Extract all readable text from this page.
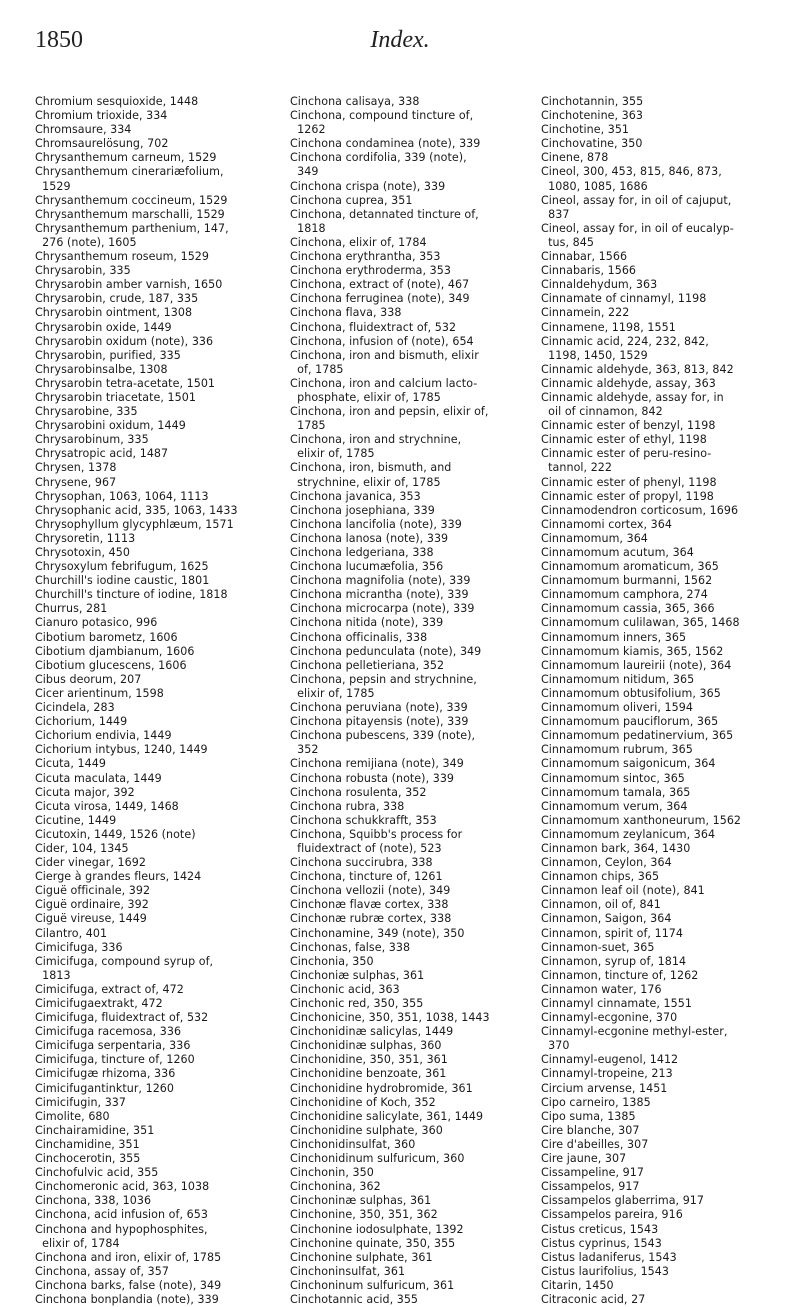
1850	Index.
Chromium sesquioxide, 1448
Chromium trioxide, 334
Chromsaure, 334
Chromsaurelösung, 702
Chrysanthemum carneum, 1529
Chrysanthemum cinerariæfolium,
1529
Chrysanthemum coccineum, 1529
Chrysanthemum marschalli, 1529
Chrysanthemum parthenium, 147,
276 (note), 1605
Chrysanthemum roseum, 1529
Chrysarobin, 335
Chrysarobin amber varnish, 1650
Chrysarobin, crude, 187, 335
Chrysarobin ointment, 1308
Chrysarobin oxide, 1449
Chrysarobin oxidum (note), 336
Chrysarobin, purified, 335
Chrysarobinsalbe, 1308
Chrysarobin tetra-acetate, 1501
Chrysarobin triacetate, 1501
Chrysarobine, 335
Chrysarobini oxidum, 1449
Chrysarobinum, 335
Chrysatropic acid, 1487
Chrysen, 1378
Chrysene, 967
Chrysophan, 1063, 1064, 1113
Chrysophanic acid, 335, 1063, 1433
Chrysophyllum glycyphlæum, 1571
Chrysoretin, 1113
Chrysotoxin, 450
Chrysoxylum febrifugum, 1625
Churchill's iodine caustic, 1801
Churchill's tincture of iodine, 1818
Churrus, 281
Cianuro potasico, 996
Cibotium barometz, 1606
Cibotium djambianum, 1606
Cibotium glucescens, 1606
Cibus deorum, 207
Cicer arientinum, 1598
Cicindela, 283
Cichorium, 1449
Cichorium endivia, 1449
Cichorium intybus, 1240, 1449
Cicuta, 1449
Cicuta maculata, 1449
Cicuta major, 392
Cicuta virosa, 1449, 1468
Cicutine, 1449
Cicutoxin, 1449, 1526 (note)
Cider, 104, 1345
Cider vinegar, 1692
Cierge à grandes fleurs, 1424
Ciguë officinale, 392
Ciguë ordinaire, 392
Ciguë vireuse, 1449
Cilantro, 401
Cimicifuga, 336
Cimicifuga, compound syrup of,
1813
Cimicifuga, extract of, 472
Cimicifugaextrakt, 472
Cimicifuga, fluidextract of, 532
Cimicifuga racemosa, 336
Cimicifuga serpentaria, 336
Cimicifuga, tincture of, 1260
Cimicifugæ rhizoma, 336
Cimicifugantinktur, 1260
Cimicifugin, 337
Cimolite, 680
Cinchairamidine, 351
Cinchamidine, 351
Cinchocerotin, 355
Cinchofulvic acid, 355
Cinchomeronic acid, 363, 1038
Cinchona, 338, 1036
Cinchona, acid infusion of, 653
Cinchona and hypophosphites,
elixir of, 1784
Cinchona and iron, elixir of, 1785
Cinchona, assay of, 357
Cinchona barks, false (note), 349
Cinchona bonplandia (note), 339
Cinchona calisaya, 338
Cinchona, compound tincture of,
1262
Cinchona condaminea (note), 339
Cinchona cordifolia, 339 (note),
349
Cinchona crispa (note), 339
Cinchona cuprea, 351
Cinchona, detannated tincture of,
1818
Cinchona, elixir of, 1784
Cinchona erythrantha, 353
Cinchona erythroderma, 353
Cinchona, extract of (note), 467
Cinchona ferruginea (note), 349
Cinchona flava, 338
Cinchona, fluidextract of, 532
Cinchona, infusion of (note), 654
Cinchona, iron and bismuth, elixir
of, 1785
Cinchona, iron and calcium lacto-
phosphate, elixir of, 1785
Cinchona, iron and pepsin, elixir of,
1785
Cinchona, iron and strychnine,
elixir of, 1785
Cinchona, iron, bismuth, and
strychnine, elixir of, 1785
Cinchona javanica, 353
Cinchona josephiana, 339
Cinchona lancifolia (note), 339
Cinchona lanosa (note), 339
Cinchona ledgeriana, 338
Cinchona lucumæfolia, 356
Cinchona magnifolia (note), 339
Cinchona micrantha (note), 339
Cinchona microcarpa (note), 339
Cinchona nitida (note), 339
Cinchona officinalis, 338
Cinchona pedunculata (note), 349
Cinchona pelletieriana, 352
Cinchona, pepsin and strychnine,
elixir of, 1785
Cinchona peruviana (note), 339
Cinchona pitayensis (note), 339
Cinchona pubescens, 339 (note),
352
Cinchona remijiana (note), 349
Cinchona robusta (note), 339
Cinchona rosulenta, 352
Cinchona rubra, 338
Cinchona schukkrafft, 353
Cinchona, Squibb's process for
fluidextract of (note), 523
Cinchona succirubra, 338
Cinchona, tincture of, 1261
Cinchona vellozii (note), 349
Cinchonæ flavæ cortex, 338
Cinchonæ rubræ cortex, 338
Cinchonamine, 349 (note), 350
Cinchonas, false, 338
Cinchonia, 350
Cinchoniæ sulphas, 361
Cinchonic acid, 363
Cinchonic red, 350, 355
Cinchonicine, 350, 351, 1038, 1443
Cinchonidinæ salicylas, 1449
Cinchonidinæ sulphas, 360
Cinchonidine, 350, 351, 361
Cinchonidine benzoate, 361
Cinchonidine hydrobromide, 361
Cinchonidine of Koch, 352
Cinchonidine salicylate, 361, 1449
Cinchonidine sulphate, 360
Cinchonidinsulfat, 360
Cinchonidinum sulfuricum, 360
Cinchonin, 350
Cinchonina, 362
Cinchoninæ sulphas, 361
Cinchonine, 350, 351, 362
Cinchonine iodosulphate, 1392
Cinchonine quinate, 350, 355
Cinchonine sulphate, 361
Cinchoninsulfat, 361
Cinchoninum sulfuricum, 361
Cinchotannic acid, 355
Cinchotannin, 355
Cinchotenine, 363
Cinchotine, 351
Cinchovatine, 350
Cinene, 878
Cineol, 300, 453, 815, 846, 873,
1080, 1085, 1686
Cineol, assay for, in oil of cajuput,
837
Cineol, assay for, in oil of eucalyp-
tus, 845
Cinnabar, 1566
Cinnabaris, 1566
Cinnaldehydum, 363
Cinnamate of cinnamyl, 1198
Cinnamein, 222
Cinnamene, 1198, 1551
Cinnamic acid, 224, 232, 842,
1198, 1450, 1529
Cinnamic aldehyde, 363, 813, 842
Cinnamic aldehyde, assay, 363
Cinnamic aldehyde, assay for, in
oil of cinnamon, 842
Cinnamic ester of benzyl, 1198
Cinnamic ester of ethyl, 1198
Cinnamic ester of peru-resino-
tannol, 222
Cinnamic ester of phenyl, 1198
Cinnamic ester of propyl, 1198
Cinnamodendron corticosum, 1696
Cinnamomi cortex, 364
Cinnamomum, 364
Cinnamomum acutum, 364
Cinnamomum aromaticum, 365
Cinnamomum burmanni, 1562
Cinnamomum camphora, 274
Cinnamomum cassia, 365, 366
Cinnamomum culilawan, 365, 1468
Cinnamomum inners, 365
Cinnamomum kiamis, 365, 1562
Cinnamomum laureirii (note), 364
Cinnamomum nitidum, 365
Cinnamomum obtusifolium, 365
Cinnamomum oliveri, 1594
Cinnamomum pauciflorum, 365
Cinnamomum pedatinervium, 365
Cinnamomum rubrum, 365
Cinnamomum saigonicum, 364
Cinnamomum sintoc, 365
Cinnamomum tamala, 365
Cinnamomum verum, 364
Cinnamomum xanthoneurum, 1562
Cinnamomum zeylanicum, 364
Cinnamon bark, 364, 1430
Cinnamon, Ceylon, 364
Cinnamon chips, 365
Cinnamon leaf oil (note), 841
Cinnamon, oil of, 841
Cinnamon, Saigon, 364
Cinnamon, spirit of, 1174
Cinnamon-suet, 365
Cinnamon, syrup of, 1814
Cinnamon, tincture of, 1262
Cinnamon water, 176
Cinnamyl cinnamate, 1551
Cinnamyl-ecgonine, 370
Cinnamyl-ecgonine methyl-ester,
370
Cinnamyl-eugenol, 1412
Cinnamyl-tropeine, 213
Circium arvense, 1451
Cipo carneiro, 1385
Cipo suma, 1385
Cire blanche, 307
Cire d'abeilles, 307
Cire jaune, 307
Cissampeline, 917
Cissampelos, 917
Cissampelos glaberrima, 917
Cissampelos pareira, 916
Cistus creticus, 1543
Cistus cyprinus, 1543
Cistus ladaniferus, 1543
Cistus laurifolius, 1543
Citarin, 1450
Citraconic acid, 27
